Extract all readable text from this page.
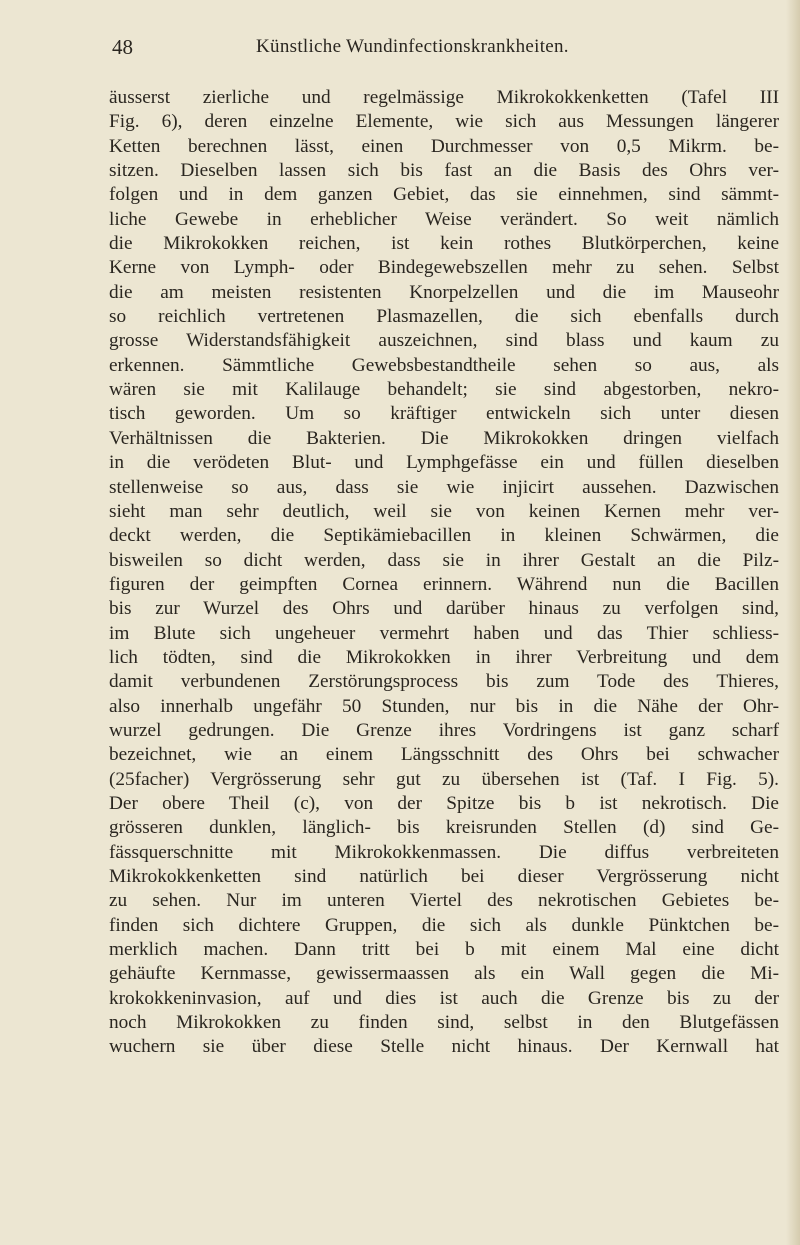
48	Künstliche Wundinfectionskrankheiten.
äusserst zierliche und regelmässige Mikrokokkenketten (Tafel III
Fig. 6), deren einzelne Elemente, wie sich aus Messungen längerer
Ketten berechnen lässt, einen Durchmesser von 0,5 Mikrm. be-
sitzen. Dieselben lassen sich bis fast an die Basis des Ohrs ver-
folgen und in dem ganzen Gebiet, das sie einnehmen, sind sämmt-
liche Gewebe in erheblicher Weise verändert. So weit nämlich
die Mikrokokken reichen, ist kein rothes Blutkörperchen, keine
Kerne von Lymph- oder Bindegewebszellen mehr zu sehen. Selbst
die am meisten resistenten Knorpelzellen und die im Mauseohr
so reichlich vertretenen Plasmazellen, die sich ebenfalls durch
grosse Widerstandsfähigkeit auszeichnen, sind blass und kaum zu
erkennen. Sämmtliche Gewebsbestandtheile sehen so aus, als
wären sie mit Kalilauge behandelt; sie sind abgestorben, nekro-
tisch geworden. Um so kräftiger entwickeln sich unter diesen
Verhältnissen die Bakterien. Die Mikrokokken dringen vielfach
in die verödeten Blut- und Lymphgefässe ein und füllen dieselben
stellenweise so aus, dass sie wie injicirt aussehen. Dazwischen
sieht man sehr deutlich, weil sie von keinen Kernen mehr ver-
deckt werden, die Septikämiebacillen in kleinen Schwärmen, die
bisweilen so dicht werden, dass sie in ihrer Gestalt an die Pilz-
figuren der geimpften Cornea erinnern. Während nun die Bacillen
bis zur Wurzel des Ohrs und darüber hinaus zu verfolgen sind,
im Blute sich ungeheuer vermehrt haben und das Thier schliess-
lich tödten, sind die Mikrokokken in ihrer Verbreitung und dem
damit verbundenen Zerstörungsprocess bis zum Tode des Thieres,
also innerhalb ungefähr 50 Stunden, nur bis in die Nähe der Ohr-
wurzel gedrungen. Die Grenze ihres Vordringens ist ganz scharf
bezeichnet, wie an einem Längsschnitt des Ohrs bei schwacher
(25facher) Vergrösserung sehr gut zu übersehen ist (Taf. I Fig. 5).
Der obere Theil (c), von der Spitze bis b ist nekrotisch. Die
grösseren dunklen, länglich- bis kreisrunden Stellen (d) sind Ge-
fässquerschnitte mit Mikrokokkenmassen. Die diffus verbreiteten
Mikrokokkenketten sind natürlich bei dieser Vergrösserung nicht
zu sehen. Nur im unteren Viertel des nekrotischen Gebietes be-
finden sich dichtere Gruppen, die sich als dunkle Pünktchen be-
merklich machen. Dann tritt bei b mit einem Mal eine dicht
gehäufte Kernmasse, gewissermaassen als ein Wall gegen die Mi-
krokokkeninvasion, auf und dies ist auch die Grenze bis zu der
noch Mikrokokken zu finden sind, selbst in den Blutgefässen
wuchern sie über diese Stelle nicht hinaus. Der Kernwall hat
